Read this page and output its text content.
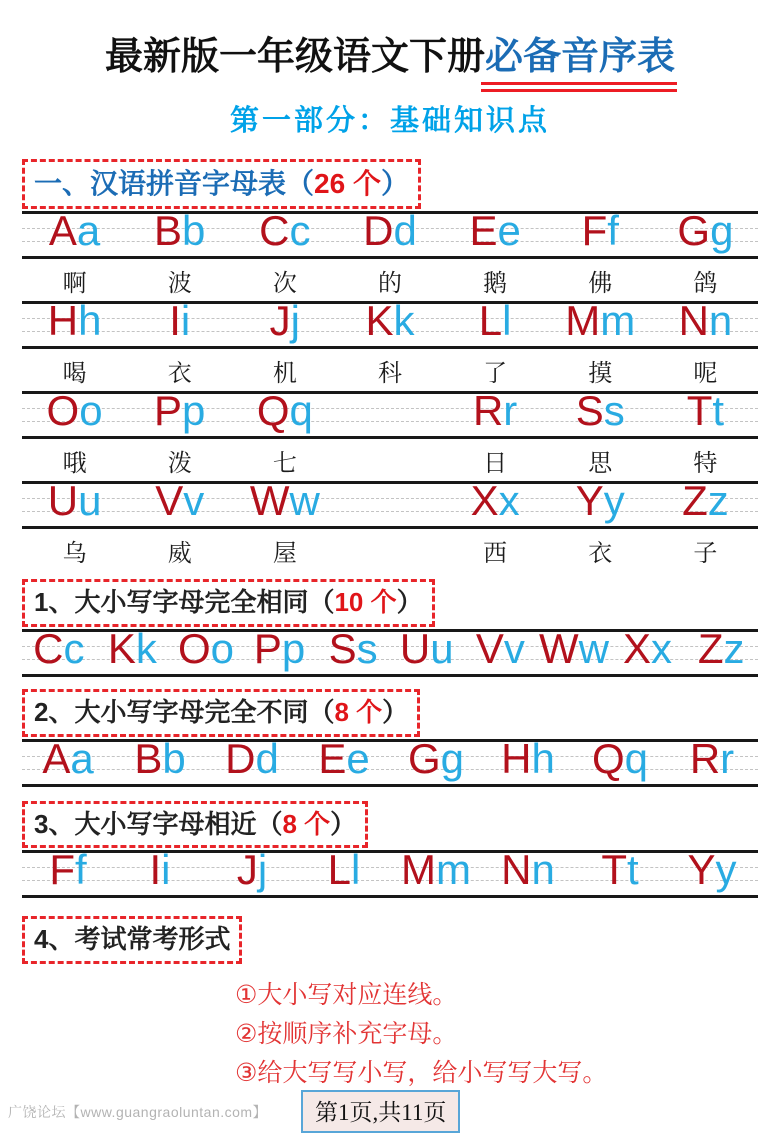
最新版一年级语文下册必备音序表
第一部分：基础知识点
一、汉语拼音字母表（26 个）
Aa Bb Cc Dd Ee Ff Gg
啊	波	次	的	鹅	佛	鸽
Hh Ii Jj Kk Ll Mm Nn
喝	衣	机	科	了	摸	呢
Oo Pp Qq	Rr Ss Tt
哦	泼	七	日	思	特
Uu Vv Ww	Xx Yy Zz
乌	威	屋	西	衣	子
1、大小写字母完全相同（10 个）
Cc Kk Oo Pp Ss Uu Vv Ww Xx Zz
2、大小写字母完全不同（8 个）
Aa Bb Dd Ee Gg Hh Qq Rr
3、大小写字母相近（8 个）
Ff Ii Jj Ll Mm Nn Tt Yy
4、考试常考形式
①大小写对应连线。
②按顺序补充字母。
③给大写写小写，给小写写大写。
广饶论坛【www.guangraoluntan.com】	第1页,共11页
